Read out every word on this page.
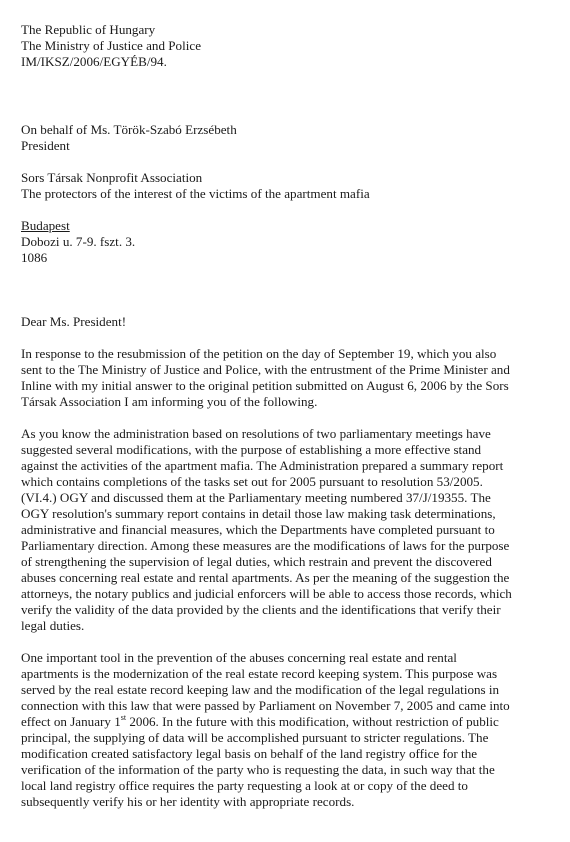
The Republic of Hungary

The Ministry of Justice and Police

IM/IKSZ/2006/EGYÉB/94.

On behalf of Ms. Török-Szabó Erzsébeth

President

Sors Társak Nonprofit Association

The protectors of the interest of the victims of the apartment mafia

Budapest

Dobozi u. 7-9. fszt. 3.

1086

Dear Ms. President!

In response to the resubmission of the petition on the day of September 19, which you also

sent to the The Ministry of Justice and Police, with the entrustment of the Prime Minister and

Inline with my initial answer to the original petition submitted on August 6, 2006 by the Sors

Társak Association I am informing you of the following.

As you know the administration based on resolutions of two parliamentary meetings have

suggested several modifications, with the purpose of establishing a more effective stand

against the activities of the apartment mafia. The Administration prepared a summary report

which contains completions of the tasks set out for 2005 pursuant to resolution 53/2005.

(VI.4.) OGY and discussed them at the Parliamentary meeting numbered 37/J/19355. The

OGY resolution's summary report contains in detail those law making task determinations,

administrative and financial measures, which the Departments have completed pursuant to

Parliamentary direction. Among these measures are the modifications of laws for the purpose

of strengthening the supervision of legal duties, which restrain and prevent the discovered

abuses concerning real estate and rental apartments. As per the meaning of the suggestion the

attorneys, the notary publics and judicial enforcers will be able to access those records, which

verify the validity of the data provided by the clients and the identifications that verify their

legal duties.

One important tool in the prevention of the abuses concerning real estate and rental

apartments is the modernization of the real estate record keeping system. This purpose was

served by the real estate record keeping law and the modification of the legal regulations in

connection with this law that were passed by Parliament on November 7, 2005 and came into

effect on January 1st 2006. In the future with this modification, without restriction of public

principal, the supplying of data will be accomplished pursuant to stricter regulations. The

modification created satisfactory legal basis on behalf of the land registry office for the

verification of the information of the party who is requesting the data, in such way that the

local land registry office requires the party requesting a look at or copy of the deed to

subsequently verify his or her identity with appropriate records.
